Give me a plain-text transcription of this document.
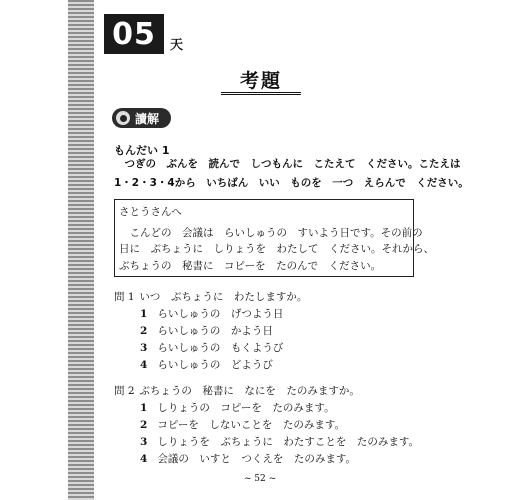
05 天
考題
讀解
もんだい 1
　つぎの　ぶんを　読んで　しつもんに　こたえて　ください。こたえは
1・2・3・4から　いちばん　いい　ものを　一つ　えらんで　ください。
さとうさんへ
　こんどの　会議は　らいしゅうの　すいよう日です。その前の
日に　ぶちょうに　しりょうを　わたして　ください。それから、
ぶちょうの　秘書に　コピーを　たのんで　ください。
問 1 いつ　ぶちょうに　わたしますか。
1 らいしゅうの　げつよう日
2 らいしゅうの　かよう日
3 らいしゅうの　もくようび
4 らいしゅうの　どようび
問 2 ぶちょうの　秘書に　なにを　たのみますか。
1 しりょうの　コピーを　たのみます。
2 コピーを　しないことを　たのみます。
3 しりょうを　ぶちょうに　わたすことを　たのみます。
4 会議の　いすと　つくえを　たのみます。
~ 52 ~
